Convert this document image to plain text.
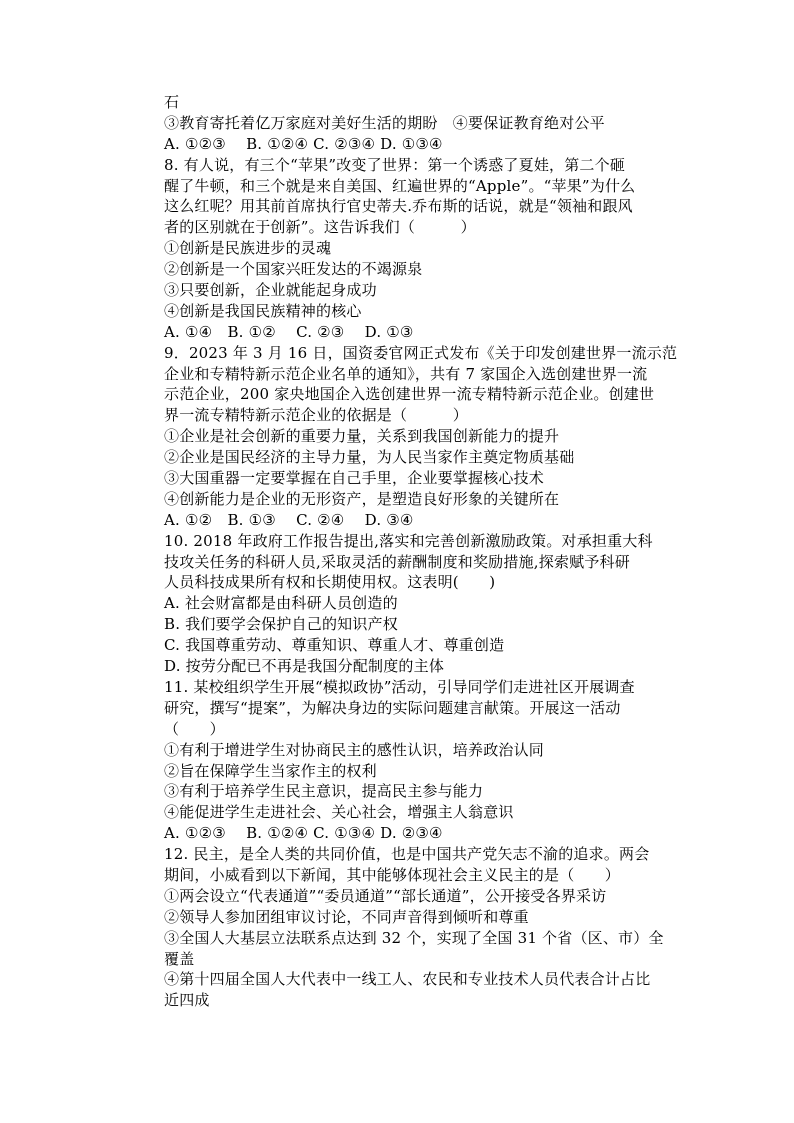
石
③教育寄托着亿万家庭对美好生活的期盼　④要保证教育绝对公平
A. ①②③　 B. ①②④ C. ②③④ D. ①③④
8. 有人说，有三个“苹果”改变了世界：第一个诱惑了夏娃，第二个砸
醒了牛顿，和三个就是来自美国、红遍世界的“Apple”。“苹果”为什么
这么红呢？用其前首席执行官史蒂夫.乔布斯的话说，就是“领袖和跟风
者的区别就在于创新”。这告诉我们（　　　）
①创新是民族进步的灵魂
②创新是一个国家兴旺发达的不竭源泉
③只要创新，企业就能起身成功
④创新是我国民族精神的核心
A. ①④　B. ①②　 C. ②③　 D. ①③
9．2023 年 3 月 16 日，国资委官网正式发布《关于印发创建世界一流示范
企业和专精特新示范企业名单的通知》，共有 7 家国企入选创建世界一流
示范企业，200 家央地国企入选创建世界一流专精特新示范企业。创建世
界一流专精特新示范企业的依据是（　　　）
①企业是社会创新的重要力量，关系到我国创新能力的提升
②企业是国民经济的主导力量，为人民当家作主奠定物质基础
③大国重器一定要掌握在自己手里，企业要掌握核心技术
④创新能力是企业的无形资产，是塑造良好形象的关键所在
A. ①②　B. ①③　 C. ②④　 D. ③④
10. 2018 年政府工作报告提出,落实和完善创新激励政策。对承担重大科
技攻关任务的科研人员,采取灵活的薪酬制度和奖励措施,探索赋予科研
人员科技成果所有权和长期使用权。这表明(　　)
A. 社会财富都是由科研人员创造的
B. 我们要学会保护自己的知识产权
C. 我国尊重劳动、尊重知识、尊重人才、尊重创造
D. 按劳分配已不再是我国分配制度的主体
11. 某校组织学生开展“模拟政协”活动，引导同学们走进社区开展调查
研究，撰写“提案”，为解决身边的实际问题建言献策。开展这一活动
（　　）
①有利于增进学生对协商民主的感性认识，培养政治认同
②旨在保障学生当家作主的权利
③有利于培养学生民主意识，提高民主参与能力
④能促进学生走进社会、关心社会，增强主人翁意识
A. ①②③　 B. ①②④ C. ①③④ D. ②③④
12. 民主，是全人类的共同价值，也是中国共产党矢志不渝的追求。两会
期间，小威看到以下新闻，其中能够体现社会主义民主的是（　　）
①两会设立“代表通道”“委员通道”“部长通道”，公开接受各界采访
②领导人参加团组审议讨论，不同声音得到倾听和尊重
③全国人大基层立法联系点达到 32 个，实现了全国 31 个省（区、市）全
覆盖
④第十四届全国人大代表中一线工人、农民和专业技术人员代表合计占比
近四成
